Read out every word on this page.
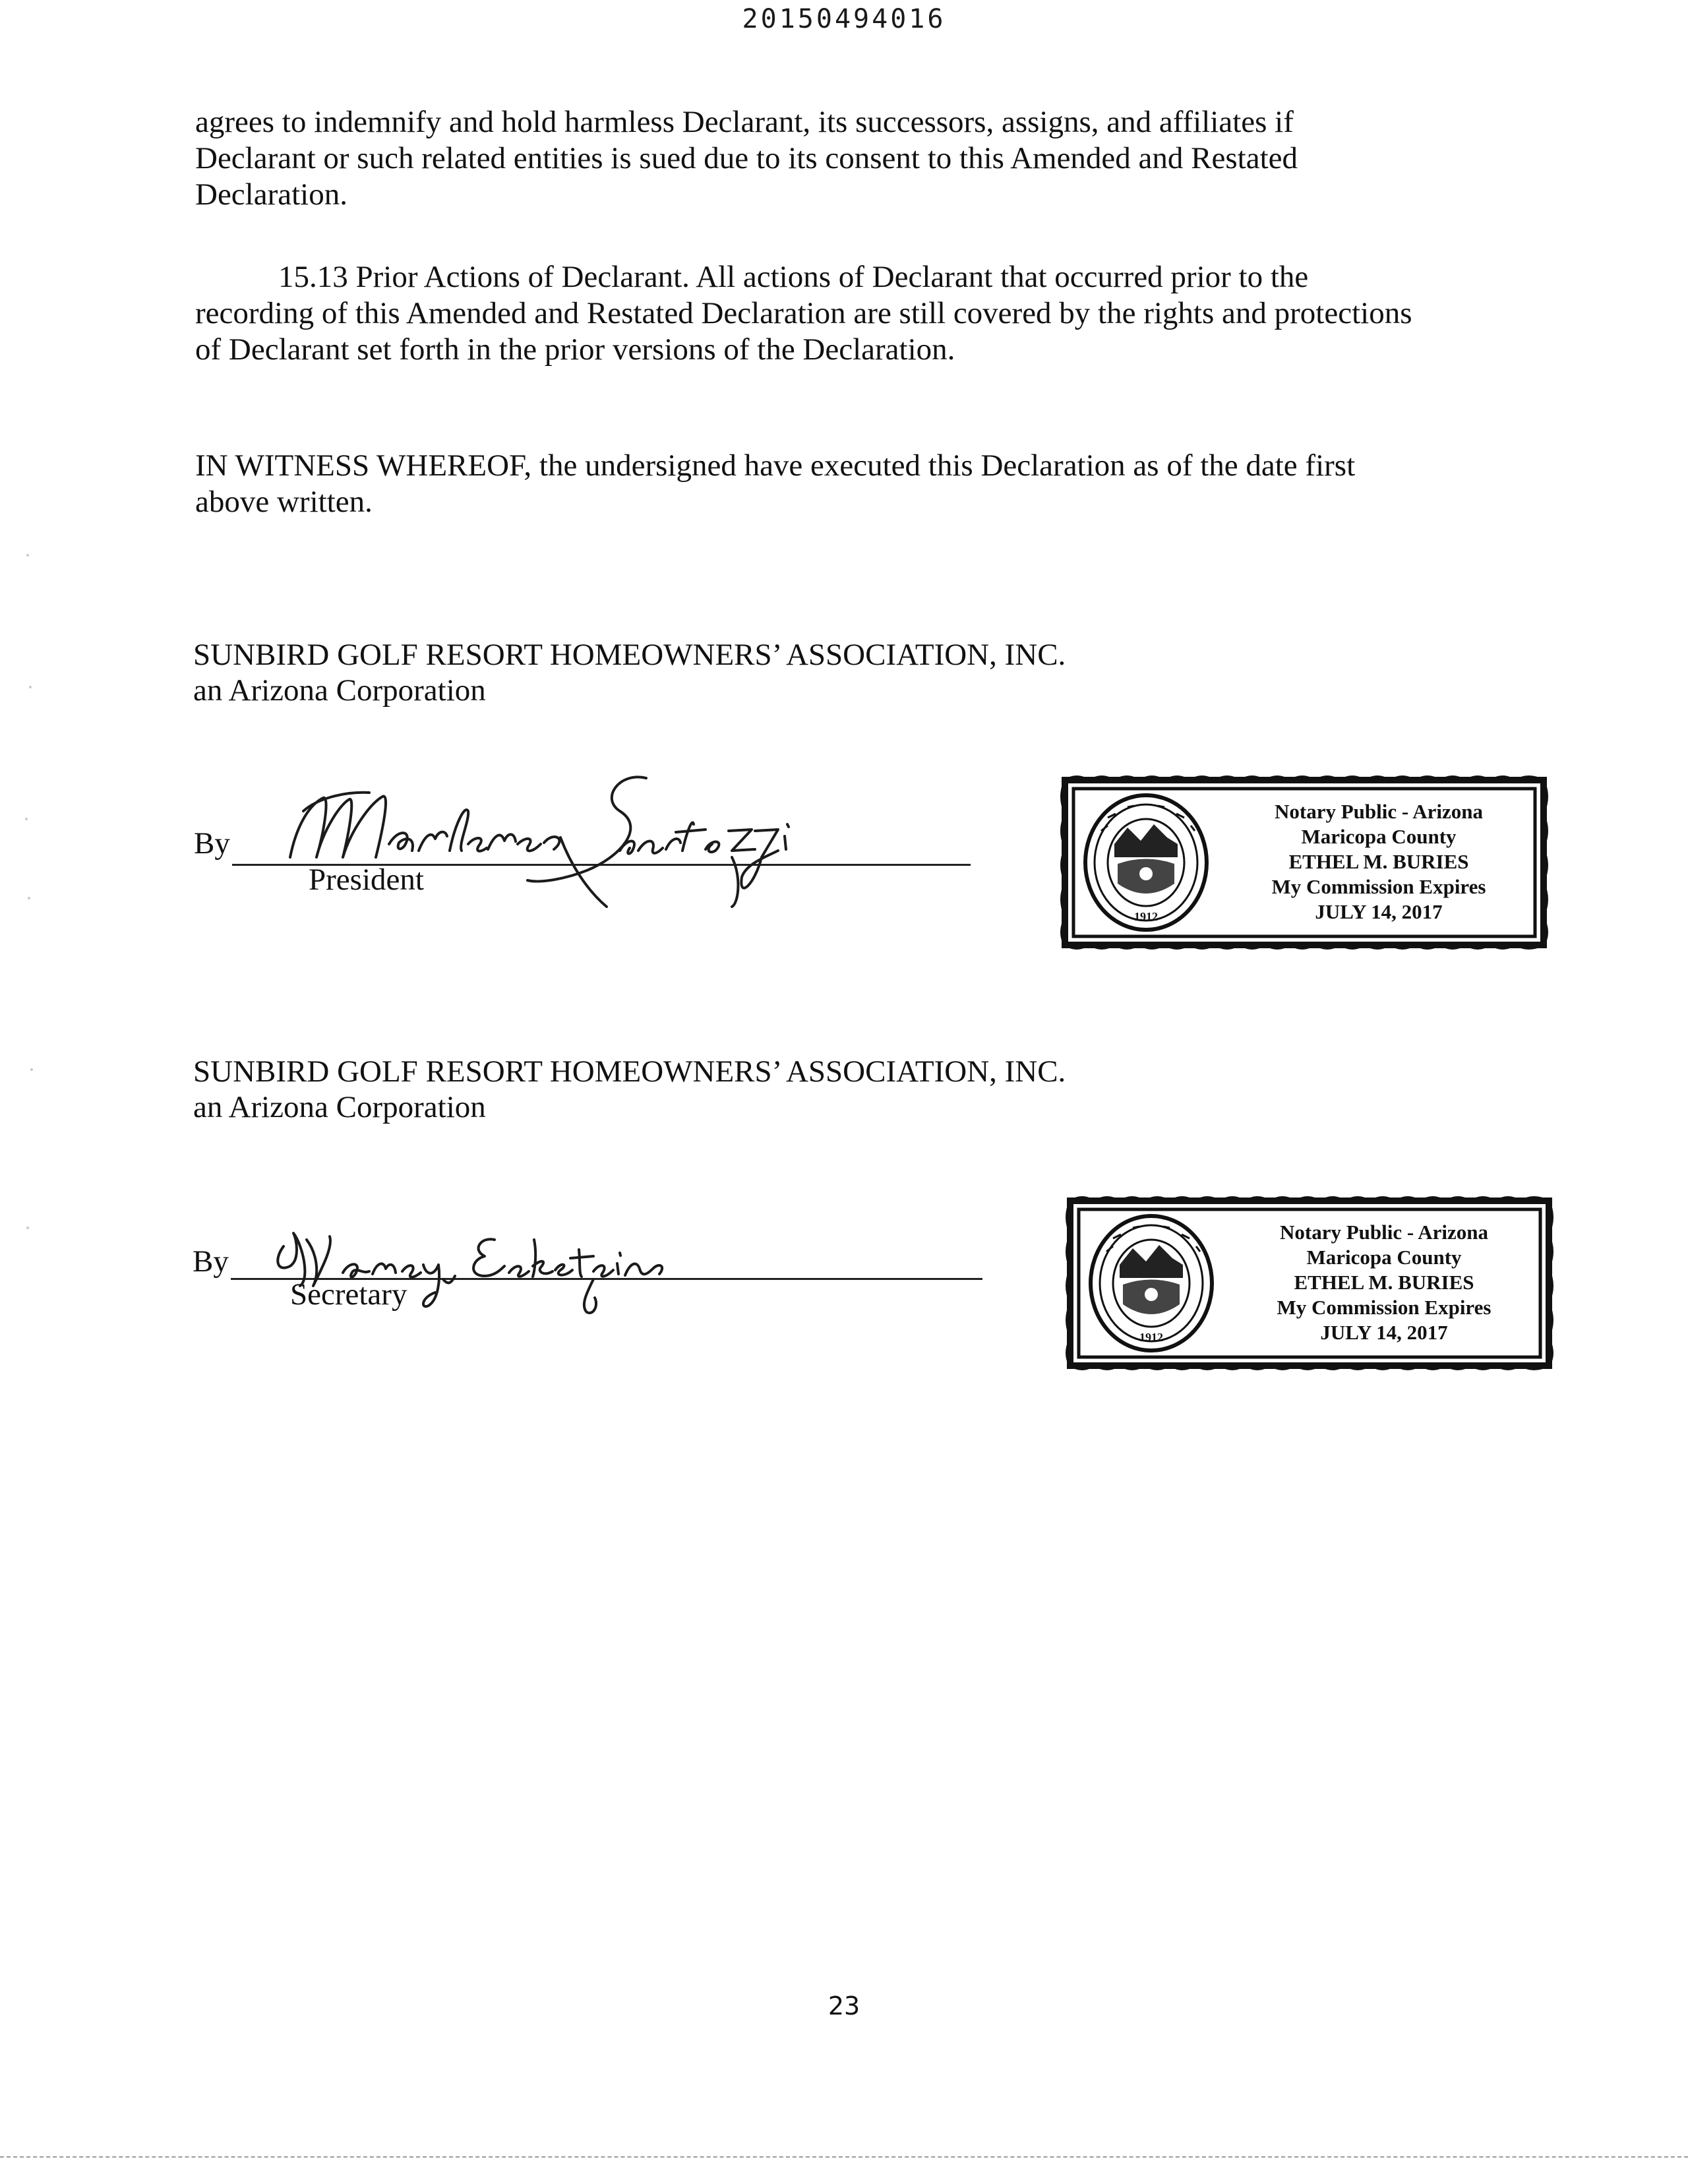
20150494016

agrees to indemnify and hold harmless Declarant, its successors, assigns, and affiliates if Declarant or such related entities is sued due to its consent to this Amended and Restated Declaration.

15.13 Prior Actions of Declarant. All actions of Declarant that occurred prior to the recording of this Amended and Restated Declaration are still covered by the rights and protections of Declarant set forth in the prior versions of the Declaration.

IN WITNESS WHEREOF, the undersigned have executed this Declaration as of the date first above written.

SUNBIRD GOLF RESORT HOMEOWNERS’ ASSOCIATION, INC.
an Arizona Corporation
By
President
1912
Notary Public - Arizona
Maricopa County
ETHEL M. BURIES
My Commission Expires
JULY 14, 2017
SUNBIRD GOLF RESORT HOMEOWNERS’ ASSOCIATION, INC.
an Arizona Corporation
By
Secretary
1912
Notary Public - Arizona
Maricopa County
ETHEL M. BURIES
My Commission Expires
JULY 14, 2017
23
